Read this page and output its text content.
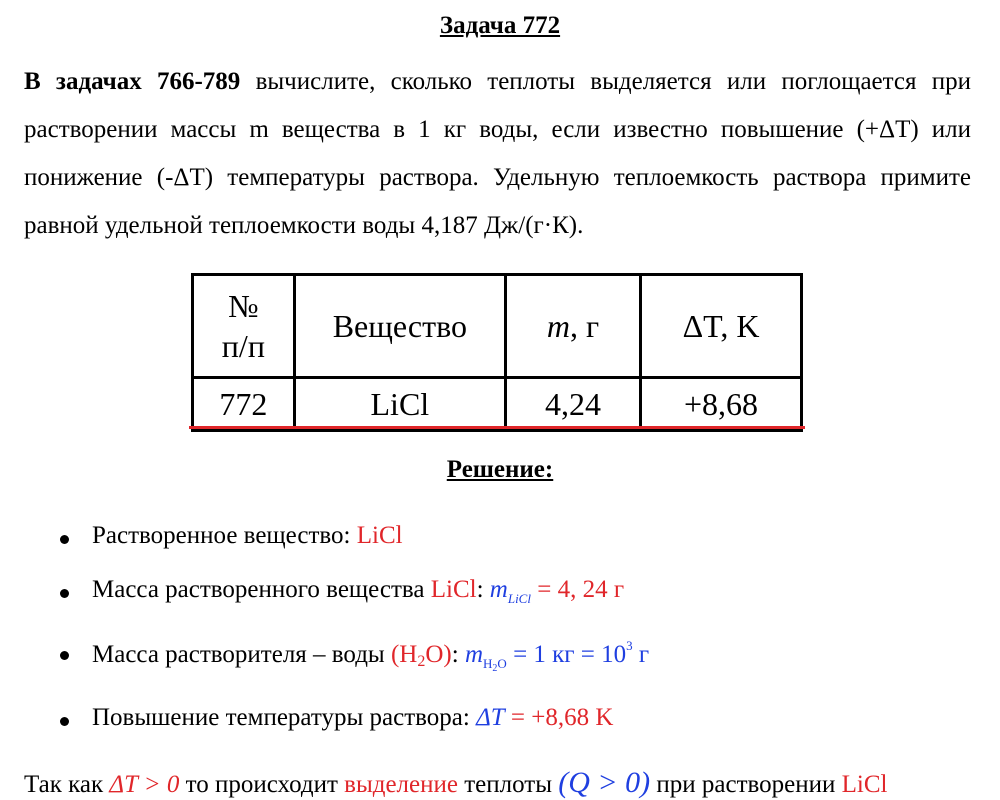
Задача 772
В задачах 766-789 вычислите, сколько теплоты выделяется или поглощается при растворении массы m вещества в 1 кг воды, если известно повышение (+ΔТ) или понижение (-ΔТ) температуры раствора. Удельную теплоемкость раствора примите равной удельной теплоемкости воды 4,187 Дж/(г·К).
№
п/п	Вещество	m, г	ΔT, K
772	LiCl	4,24	+8,68
Решение:
Растворенное вещество: LiCl
Масса растворенного вещества LiCl: $m_{LiCl} = 4$, 24 г
Масса растворителя – воды $(H_2O)$: $m_{H_2O} = 1$ кг = $10^3$ г
Повышение температуры раствора: ΔT = +8,68 K
Так как ΔT > 0 то происходит выделение теплоты (Q > 0) при растворении LiCl
